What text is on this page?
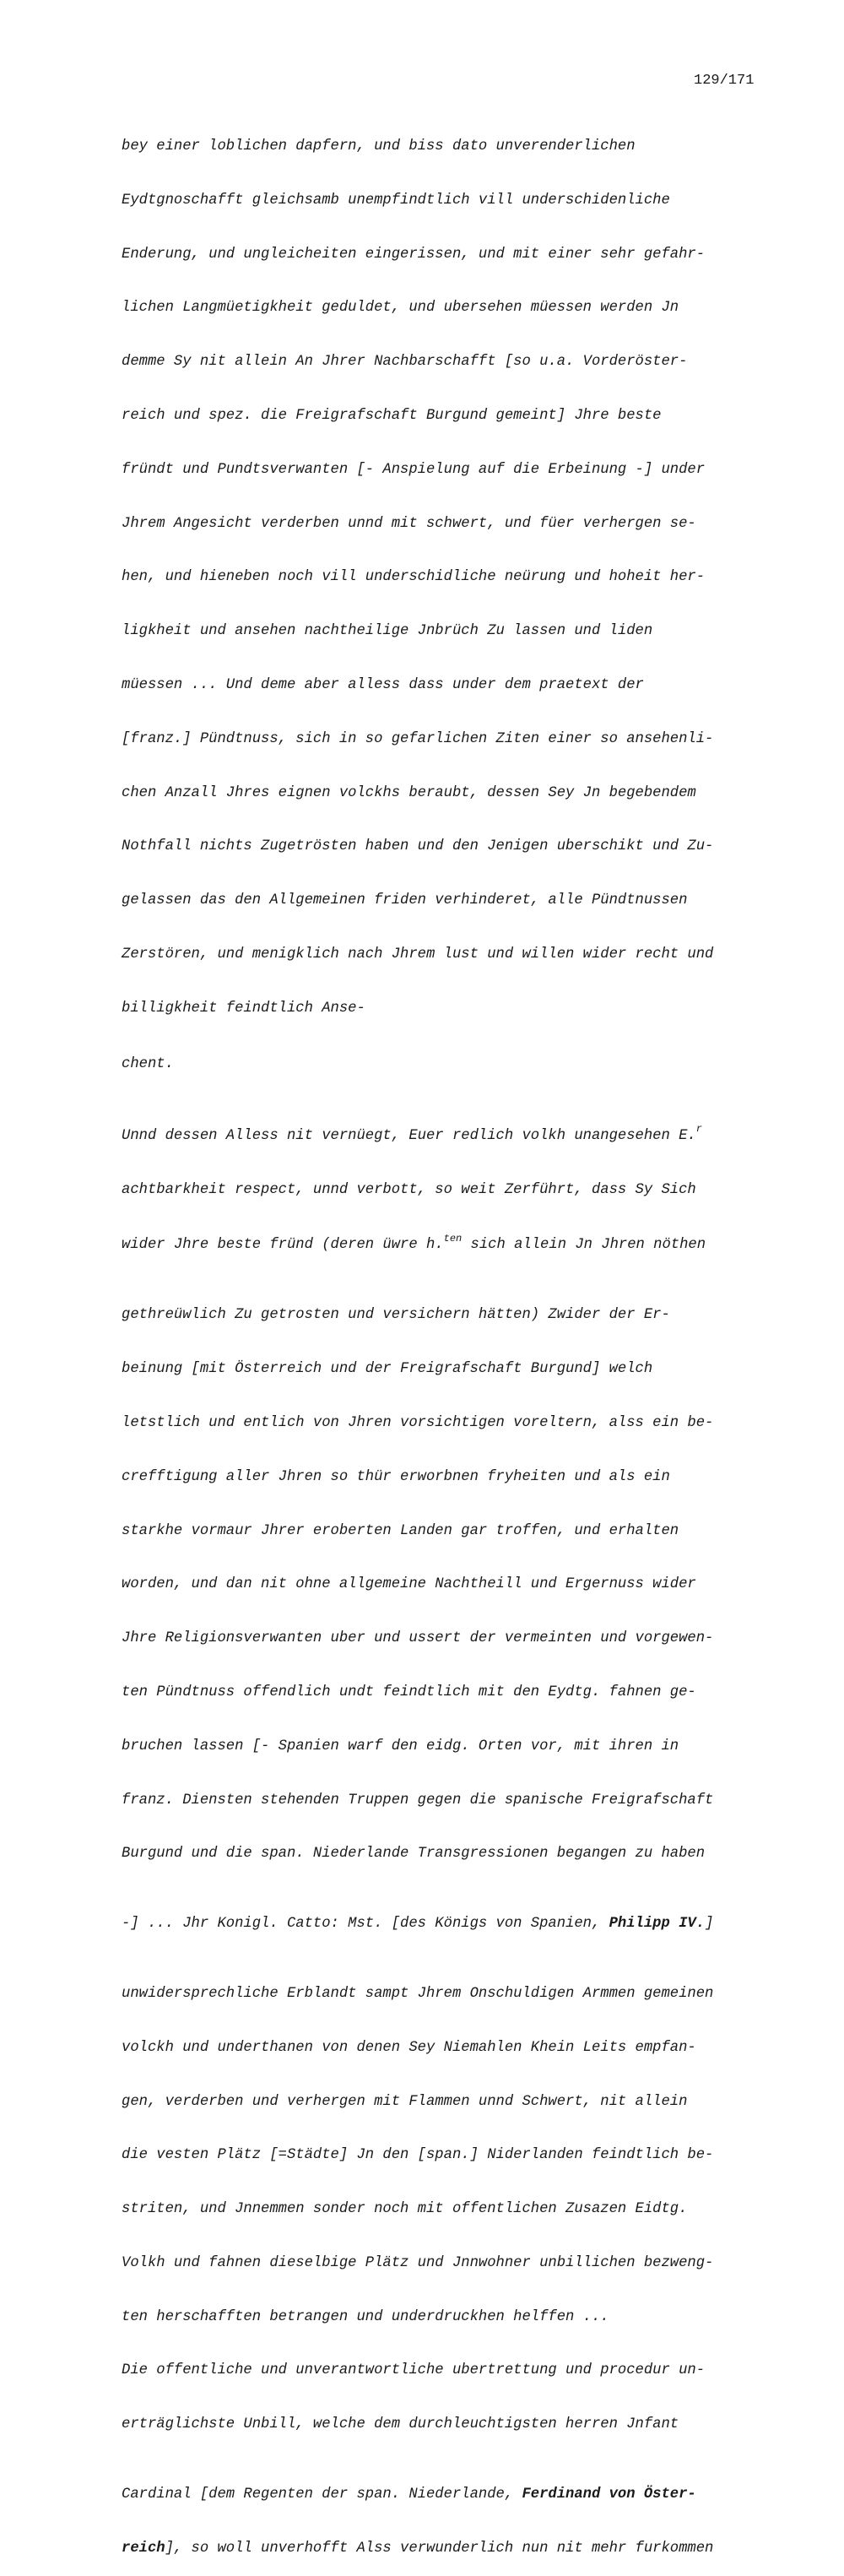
129/171

bey einer loblichen dapfern, und biss dato unverenderlichen

Eydtgnoschafft gleichsamb unempfindtlich vill underschidenliche

Enderung, und ungleicheiten eingerissen, und mit einer sehr gefahr-

lichen Langmüetigkheit geduldet, und ubersehen müessen werden Jn

demme Sy nit allein An Jhrer Nachbarschafft [so u.a. Vorderöster-

reich und spez. die Freigrafschaft Burgund gemeint] Jhre beste

fründt und Pundtsverwanten [- Anspielung auf die Erbeinung -] under

Jhrem Angesicht verderben unnd mit schwert, und füer verhergen se-

hen, und hieneben noch vill underschidliche neürung und hoheit her-

ligkheit und ansehen nachtheilige Jnbrüch Zu lassen und liden

müessen ... Und deme aber alless dass under dem praetext der

[franz.] Pündtnuss, sich in so gefarlichen Ziten einer so ansehenli-

chen Anzall Jhres eignen volckhs beraubt, dessen Sey Jn begebendem

Nothfall nichts Zugetrösten haben und den Jenigen uberschikt und Zu-

gelassen das den Allgemeinen friden verhinderet, alle Pündtnussen

Zerstören, und menigklich nach Jhrem lust und willen wider recht und

billigkheit feindtlich Anse-

chent.

Unnd dessen Alless nit vernüegt, Euer redlich volkh unangesehen E.$^r$

achtbarkheit respect, unnd verbott, so weit Zerführt, dass Sy Sich

wider Jhre beste fründ (deren üwre h.$^{ten}$ sich allein Jn Jhren nöthen

gethreüwlich Zu getrosten und versichern hätten) Zwider der Er-

beinung [mit Österreich und der Freigrafschaft Burgund] welch

letstlich und entlich von Jhren vorsichtigen voreltern, alss ein be-

crefftigung aller Jhren so thür erworbnen fryheiten und als ein

starkhe vormaur Jhrer eroberten Landen gar troffen, und erhalten

worden, und dan nit ohne allgemeine Nachtheill und Ergernuss wider

Jhre Religionsverwanten uber und ussert der vermeinten und vorgewen-

ten Pündtnuss offendlich undt feindtlich mit den Eydtg. fahnen ge-

bruchen lassen [- Spanien warf den eidg. Orten vor, mit ihren in

franz. Diensten stehenden Truppen gegen die spanische Freigrafschaft

Burgund und die span. Niederlande Transgressionen begangen zu haben

-] ... Jhr Konigl. Catto: Mst. [des Königs von Spanien, Philipp IV.]

unwidersprechliche Erblandt sampt Jhrem Onschuldigen Armmen gemeinen

volckh und underthanen von denen Sey Niemahlen Khein Leits empfan-

gen, verderben und verhergen mit Flammen unnd Schwert, nit allein

die vesten Plätz [=Städte] Jn den [span.] Niderlanden feindtlich be-

striten, und Jnnemmen sonder noch mit offentlichen Zusazen Eidtg.

Volkh und fahnen dieselbige Plätz und Jnnwohner unbillichen bezweng-

ten herschafften betrangen und underdruckhen helffen ...

Die offentliche und unverantwortliche ubertrettung und procedur un-

erträglichste Unbill, welche dem durchleuchtigsten herren Jnfant

Cardinal [dem Regenten der span. Niederlande, Ferdinand von Öster-

reich], so woll unverhofft Alss verwunderlich nun nit mehr furkommen
